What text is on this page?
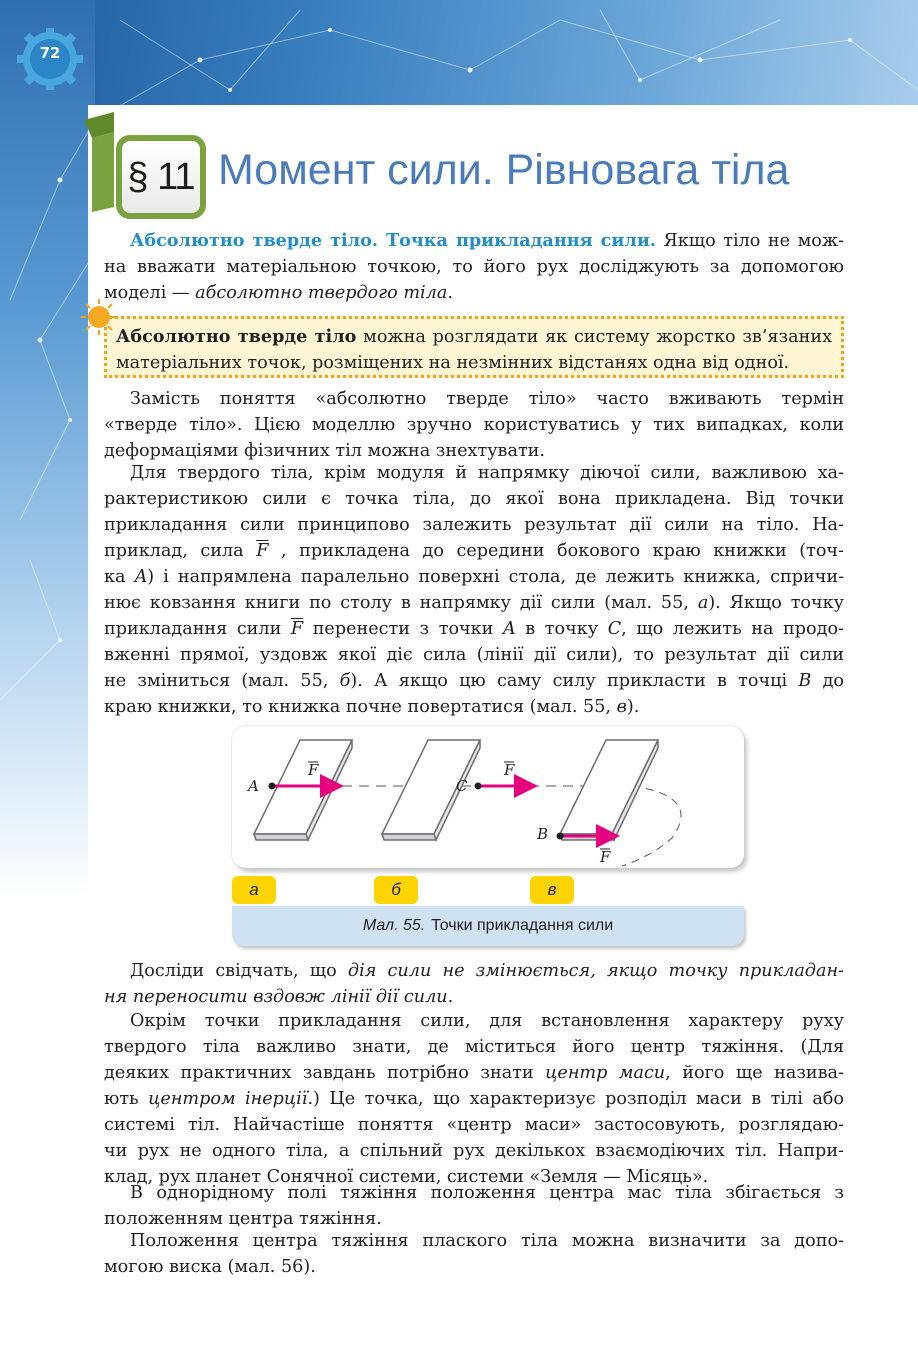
72
§ 11 Момент сили. Рівновага тіла
Абсолютно тверде тіло. Точка прикладання сили. Якщо тіло не мож-
на вважати матеріальною точкою, то його рух досліджують за допомогою
моделі — абсолютно твердого тіла.
Абсолютно тверде тіло можна розглядати як систему жорстко зв’язаних
матеріальних точок, розміщених на незмінних відстанях одна від одної.
Замість поняття «абсолютно тверде тіло» часто вживають термін
«тверде тіло». Цією моделлю зручно користуватись у тих випадках, коли
деформаціями фізичних тіл можна знехтувати.
Для твердого тіла, крім модуля й напрямку діючої сили, важливою ха-
рактеристикою сили є точка тіла, до якої вона прикладена. Від точки
прикладання сили принципово залежить результат дії сили на тіло. На-
приклад, сила $\overline{F}$ , прикладена до середини бокового краю книжки (точ-
ка A) і напрямлена паралельно поверхні стола, де лежить книжка, спричи-
нює ковзання книги по столу в напрямку дії сили (мал. 55, а). Якщо точку
прикладання сили $\overline{F}$ перенести з точки A в точку C, що лежить на продо-
вженні прямої, уздовж якої діє сила (лінії дії сили), то результат дії сили
не зміниться (мал. 55, б). А якщо цю саму силу прикласти в точці B до
краю книжки, то книжка почне повертатися (мал. 55, в).
A	C
B
F	F
F
а	б	в
Мал. 55. Точки прикладання сили
Досліди свідчать, що дія сили не змінюється, якщо точку прикладан-
ня переносити вздовж лінії дії сили.
Окрім точки прикладання сили, для встановлення характеру руху
твердого тіла важливо знати, де міститься його центр тяжіння. (Для
деяких практичних завдань потрібно знати центр маси, його ще назива-
ють центром інерції.) Це точка, що характеризує розподіл маси в тілі або
системі тіл. Найчастіше поняття «центр маси» застосовують, розглядаю-
чи рух не одного тіла, а спільний рух декількох взаємодіючих тіл. Напри-
клад, рух планет Сонячної системи, системи «Земля — Місяць».
В однорідному полі тяжіння положення центра мас тіла збігається з
положенням центра тяжіння.
Положення центра тяжіння плаского тіла можна визначити за допо-
могою виска (мал. 56).
